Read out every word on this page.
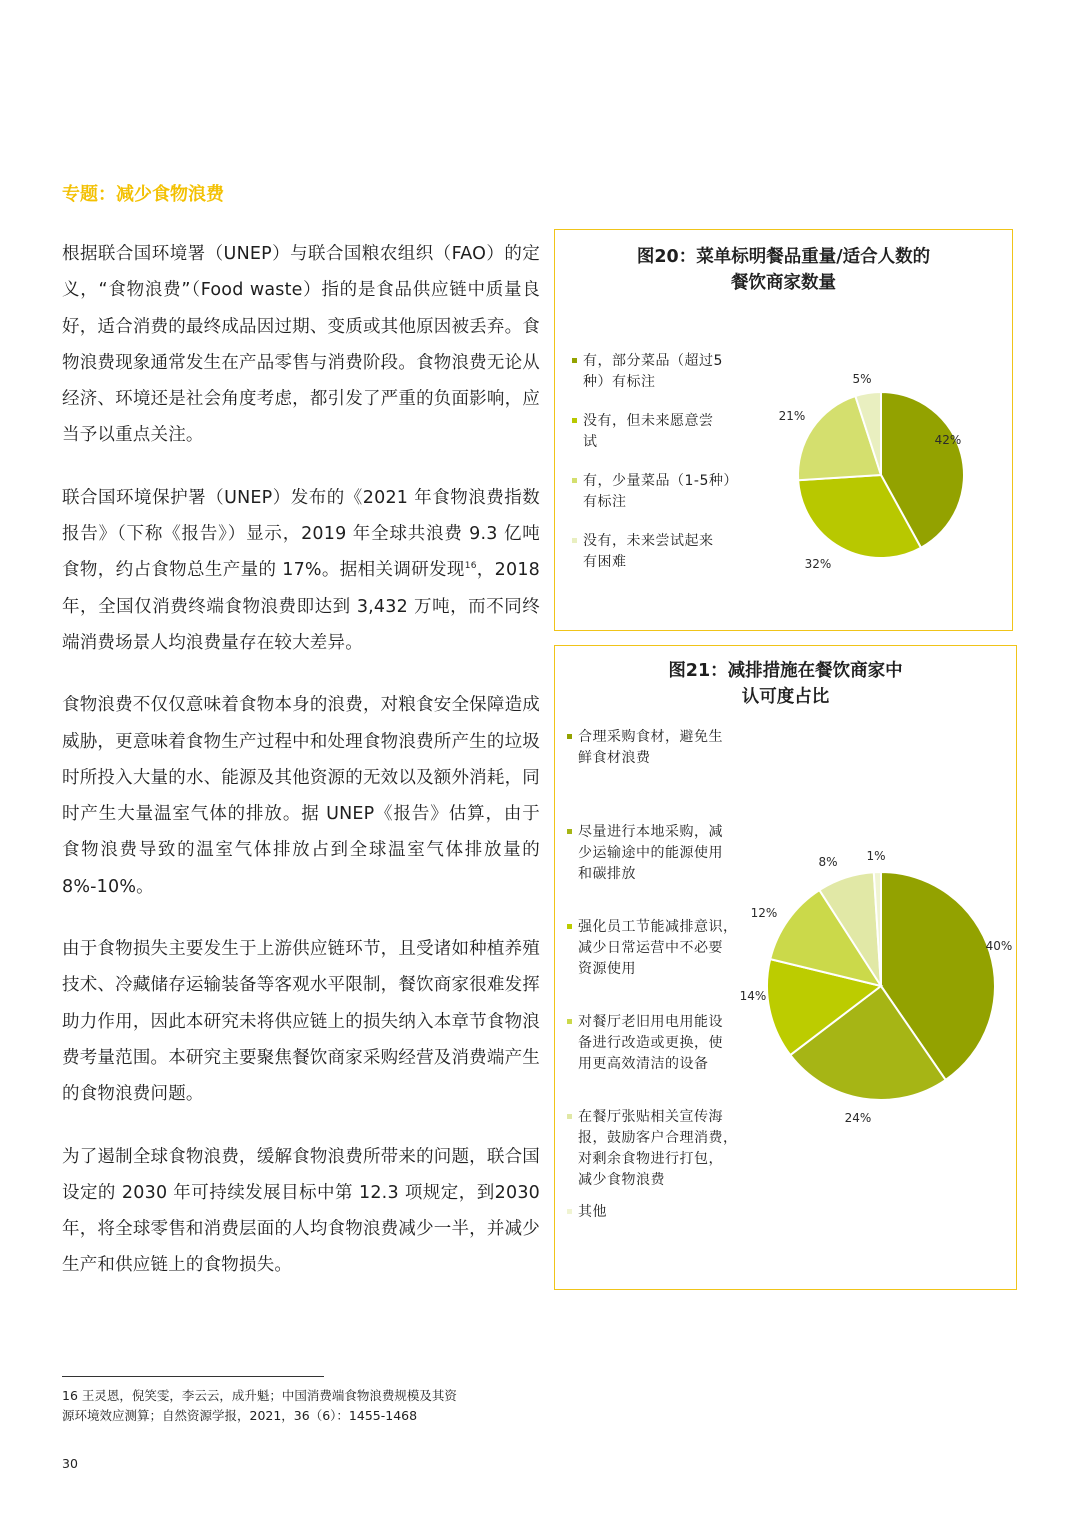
专题：减少食物浪费

根据联合国环境署（UNEP）与联合国粮农组织（FAO）的定义，“食物浪费”（Food waste）指的是食品供应链中质量良好，适合消费的最终成品因过期、变质或其他原因被丢弃。食物浪费现象通常发生在产品零售与消费阶段。食物浪费无论从经济、环境还是社会角度考虑，都引发了严重的负面影响，应当予以重点关注。

联合国环境保护署（UNEP）发布的《2021 年食物浪费指数报告》（下称《报告》）显示，2019 年全球共浪费 9.3 亿吨食物，约占食物总生产量的 17%。据相关调研发现$^{16}$，2018 年，全国仅消费终端食物浪费即达到 3,432 万吨，而不同终端消费场景人均浪费量存在较大差异。

食物浪费不仅仅意味着食物本身的浪费，对粮食安全保障造成威胁，更意味着食物生产过程中和处理食物浪费所产生的垃圾时所投入大量的水、能源及其他资源的无效以及额外消耗，同时产生大量温室气体的排放。据 UNEP《报告》估算，由于食物浪费导致的温室气体排放占到全球温室气体排放量的 8%-10%。

由于食物损失主要发生于上游供应链环节，且受诸如种植养殖技术、冷藏储存运输装备等客观水平限制，餐饮商家很难发挥助力作用，因此本研究未将供应链上的损失纳入本章节食物浪费考量范围。本研究主要聚焦餐饮商家采购经营及消费端产生的食物浪费问题。

为了遏制全球食物浪费，缓解食物浪费所带来的问题，联合国设定的 2030 年可持续发展目标中第 12.3 项规定，到2030年，将全球零售和消费层面的人均食物浪费减少一半，并减少生产和供应链上的食物损失。

图20：菜单标明餐品重量/适合人数的
餐饮商家数量
有，部分菜品（超过5
种）有标注
没有，但未来愿意尝
试
有，少量菜品（1-5种）
有标注
没有，未来尝试起来
有困难
42%
32%
21%
5%
图21：减排措施在餐饮商家中
认可度占比
合理采购食材，避免生
鲜食材浪费
尽量进行本地采购，减
少运输途中的能源使用
和碳排放
强化员工节能减排意识，
减少日常运营中不必要
资源使用
对餐厅老旧用电用能设
备进行改造或更换，使
用更高效清洁的设备
在餐厅张贴相关宣传海
报，鼓励客户合理消费，
对剩余食物进行打包，
减少食物浪费
其他
40%
24%
14%
12%
8% 1%
16 王灵恩，倪笑雯，李云云，成升魁；中国消费端食物浪费规模及其资
源环境效应测算；自然资源学报，2021，36（6）：1455-1468
30
